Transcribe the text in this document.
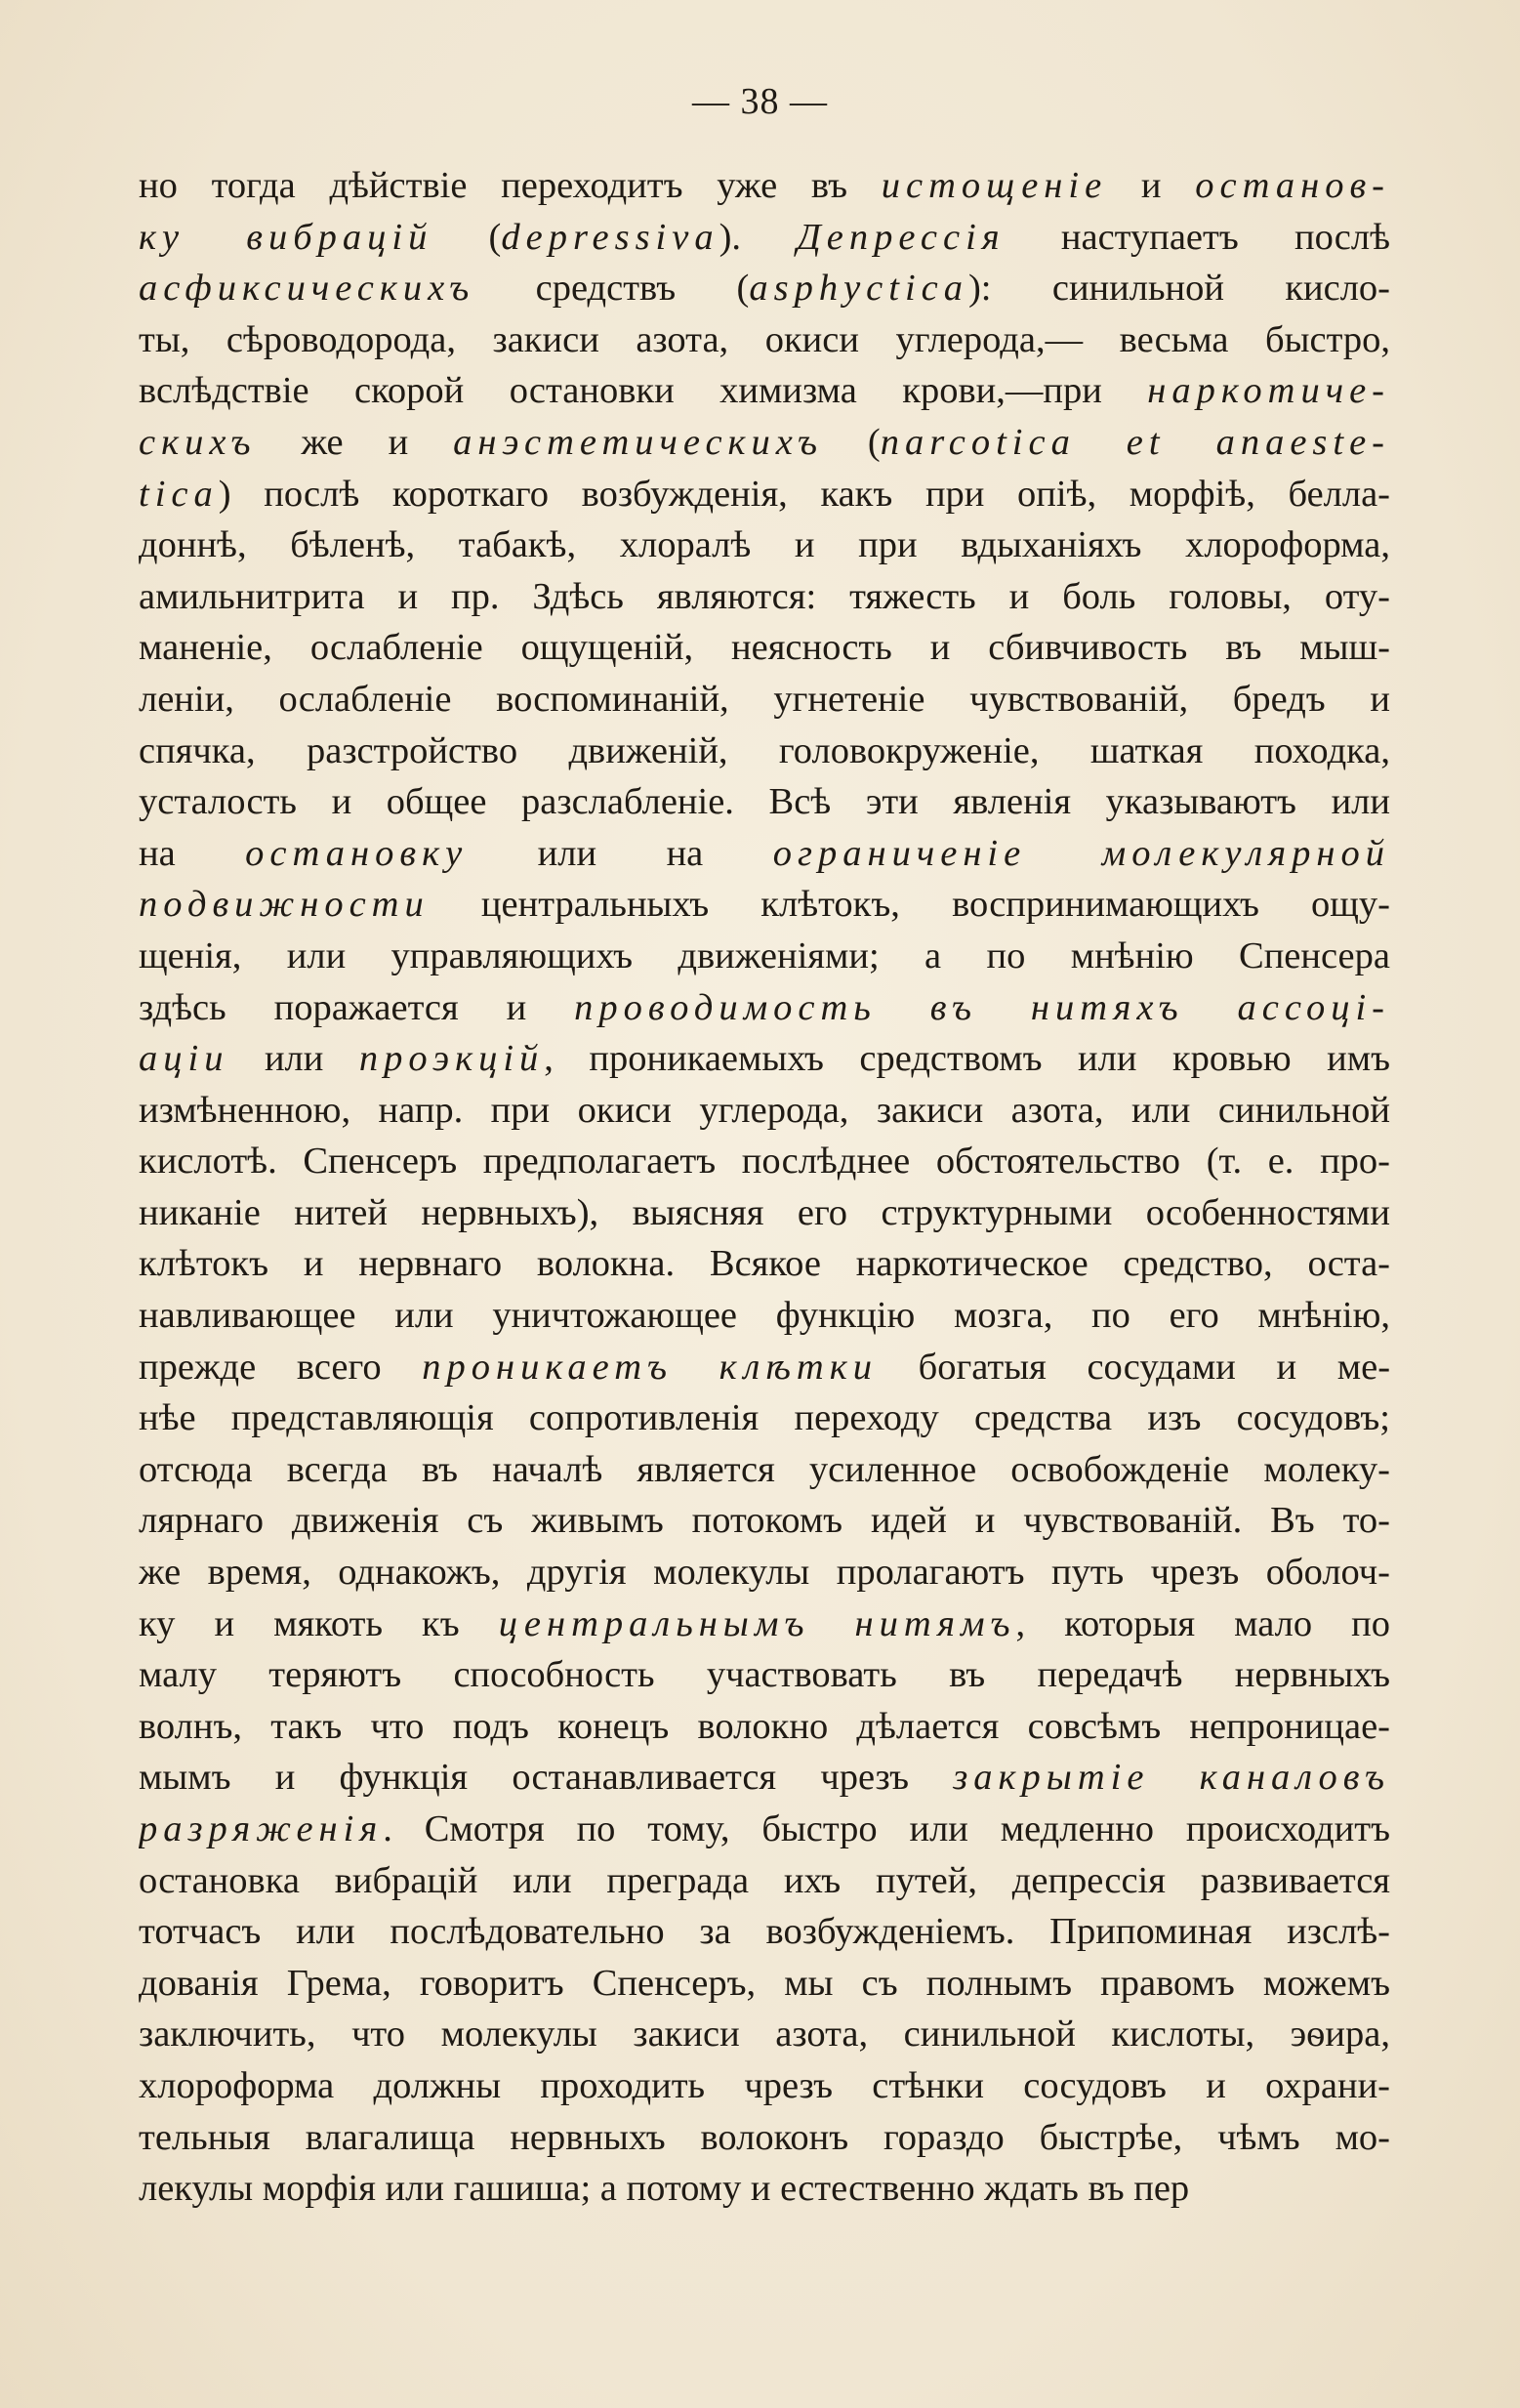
— 38 —
но тогда дѣйствіе переходитъ уже въ истощеніе и останов-
ку вибрацій (depressiva). Депрессія наступаетъ послѣ
асфиксическихъ средствъ (asphyctica): синильной кисло-
ты, сѣроводорода, закиси азота, окиси углерода,— весьма быстро,
вслѣдствіе скорой остановки химизма крови,—при наркотиче-
скихъ же и анэстетическихъ (narcotica et anaeste-
tica) послѣ короткаго возбужденія, какъ при опіѣ, морфіѣ, белла-
доннѣ, бѣленѣ, табакѣ, хлоралѣ и при вдыханіяхъ хлороформа,
амильнитрита и пр. Здѣсь являются: тяжесть и боль головы, оту-
маненіе, ослабленіе ощущеній, неясность и сбивчивость въ мыш-
леніи, ослабленіе воспоминаній, угнетеніе чувствованій, бредъ и
спячка, разстройство движеній, головокруженіе, шаткая походка,
усталость и общее разслабленіе. Всѣ эти явленія указываютъ или
на остановку или на ограниченіе молекулярной
подвижности центральныхъ клѣтокъ, воспринимающихъ ощу-
щенія, или управляющихъ движеніями; а по мнѣнію Спенсера
здѣсь поражается и проводимость въ нитяхъ ассоці-
аціи или проэкцій, проникаемыхъ средствомъ или кровью имъ
измѣненною, напр. при окиси углерода, закиси азота, или синильной
кислотѣ. Спенсеръ предполагаетъ послѣднее обстоятельство (т. е. про-
никаніе нитей нервныхъ), выясняя его структурными особенностями
клѣтокъ и нервнаго волокна. Всякое наркотическое средство, оста-
навливающее или уничтожающее функцію мозга, по его мнѣнію,
прежде всего проникаетъ клѣтки богатыя сосудами и ме-
нѣе представляющія сопротивленія переходу средства изъ сосудовъ;
отсюда всегда въ началѣ является усиленное освобожденіе молеку-
лярнаго движенія съ живымъ потокомъ идей и чувствованій. Въ то-
же время, однакожъ, другія молекулы пролагаютъ путь чрезъ оболоч-
ку и мякоть къ центральнымъ нитямъ, которыя мало по
малу теряютъ способность участвовать въ передачѣ нервныхъ
волнъ, такъ что подъ конецъ волокно дѣлается совсѣмъ непроницае-
мымъ и функція останавливается чрезъ закрытіе каналовъ
разряженія. Смотря по тому, быстро или медленно происходитъ
остановка вибрацій или преграда ихъ путей, депрессія развивается
тотчасъ или послѣдовательно за возбужденіемъ. Припоминая изслѣ-
дованія Грема, говоритъ Спенсеръ, мы съ полнымъ правомъ можемъ
заключить, что молекулы закиси азота, синильной кислоты, эѳира,
хлороформа должны проходить чрезъ стѣнки сосудовъ и охрани-
тельныя влагалища нервныхъ волоконъ гораздо быстрѣе, чѣмъ мо-
лекулы морфія или гашиша; а потому и естественно ждать въ пер
